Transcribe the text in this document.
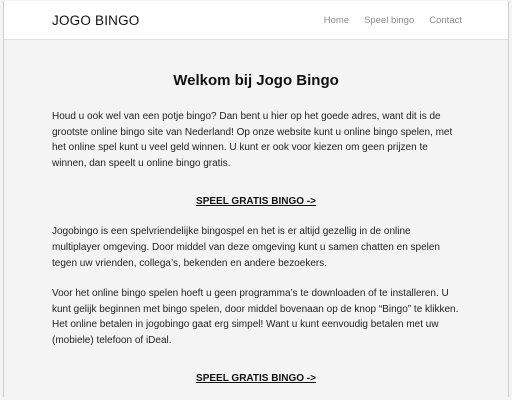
JOGO BINGO	Home Speel bingo Contact
Welkom bij Jogo Bingo

Houd u ook wel van een potje bingo? Dan bent u hier op het goede adres, want dit is de grootste online bingo site van Nederland! Op onze website kunt u online bingo spelen, met het online spel kunt u veel geld winnen. U kunt er ook voor kiezen om geen prijzen te winnen, dan speelt u online bingo gratis.

SPEEL GRATIS BINGO ->

Jogobingo is een spelvriendelijke bingospel en het is er altijd gezellig in de online multiplayer omgeving. Door middel van deze omgeving kunt u samen chatten en spelen tegen uw vrienden, collega’s, bekenden en andere bezoekers.

Voor het online bingo spelen hoeft u geen programma’s te downloaden of te installeren. U kunt gelijk beginnen met bingo spelen, door middel bovenaan op de knop “Bingo” te klikken. Het online betalen in jogobingo gaat erg simpel! Want u kunt eenvoudig betalen met uw (mobiele) telefoon of iDeal.

SPEEL GRATIS BINGO ->
